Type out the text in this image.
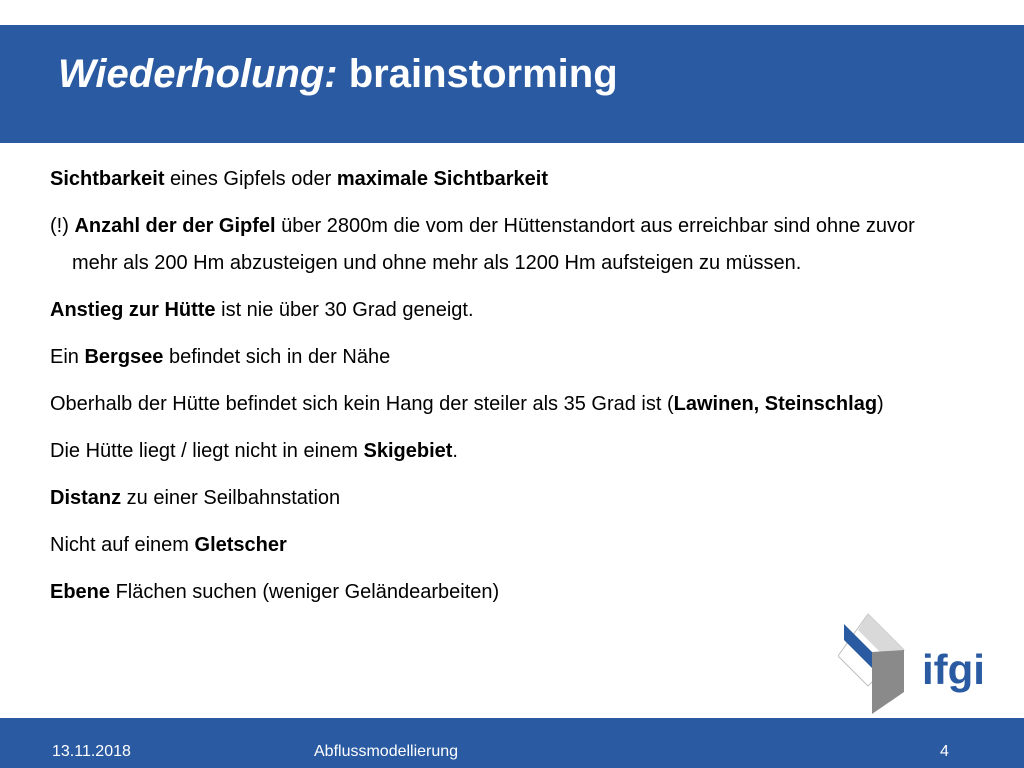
Wiederholung: brainstorming

Sichtbarkeit eines Gipfels oder maximale Sichtbarkeit

(!) Anzahl der der Gipfel über 2800m die vom der Hüttenstandort aus erreichbar sind ohne zuvor mehr als 200 Hm abzusteigen und ohne mehr als 1200 Hm aufsteigen zu müssen.

Anstieg zur Hütte ist nie über 30 Grad geneigt.

Ein Bergsee befindet sich in der Nähe

Oberhalb der Hütte befindet sich kein Hang der steiler als 35 Grad ist (Lawinen, Steinschlag)

Die Hütte liegt / liegt nicht in einem Skigebiet.

Distanz zu einer Seilbahnstation

Nicht auf einem Gletscher

Ebene Flächen suchen (weniger Geländearbeiten)

ifgi
13.11.2018	Abflussmodellierung	4
